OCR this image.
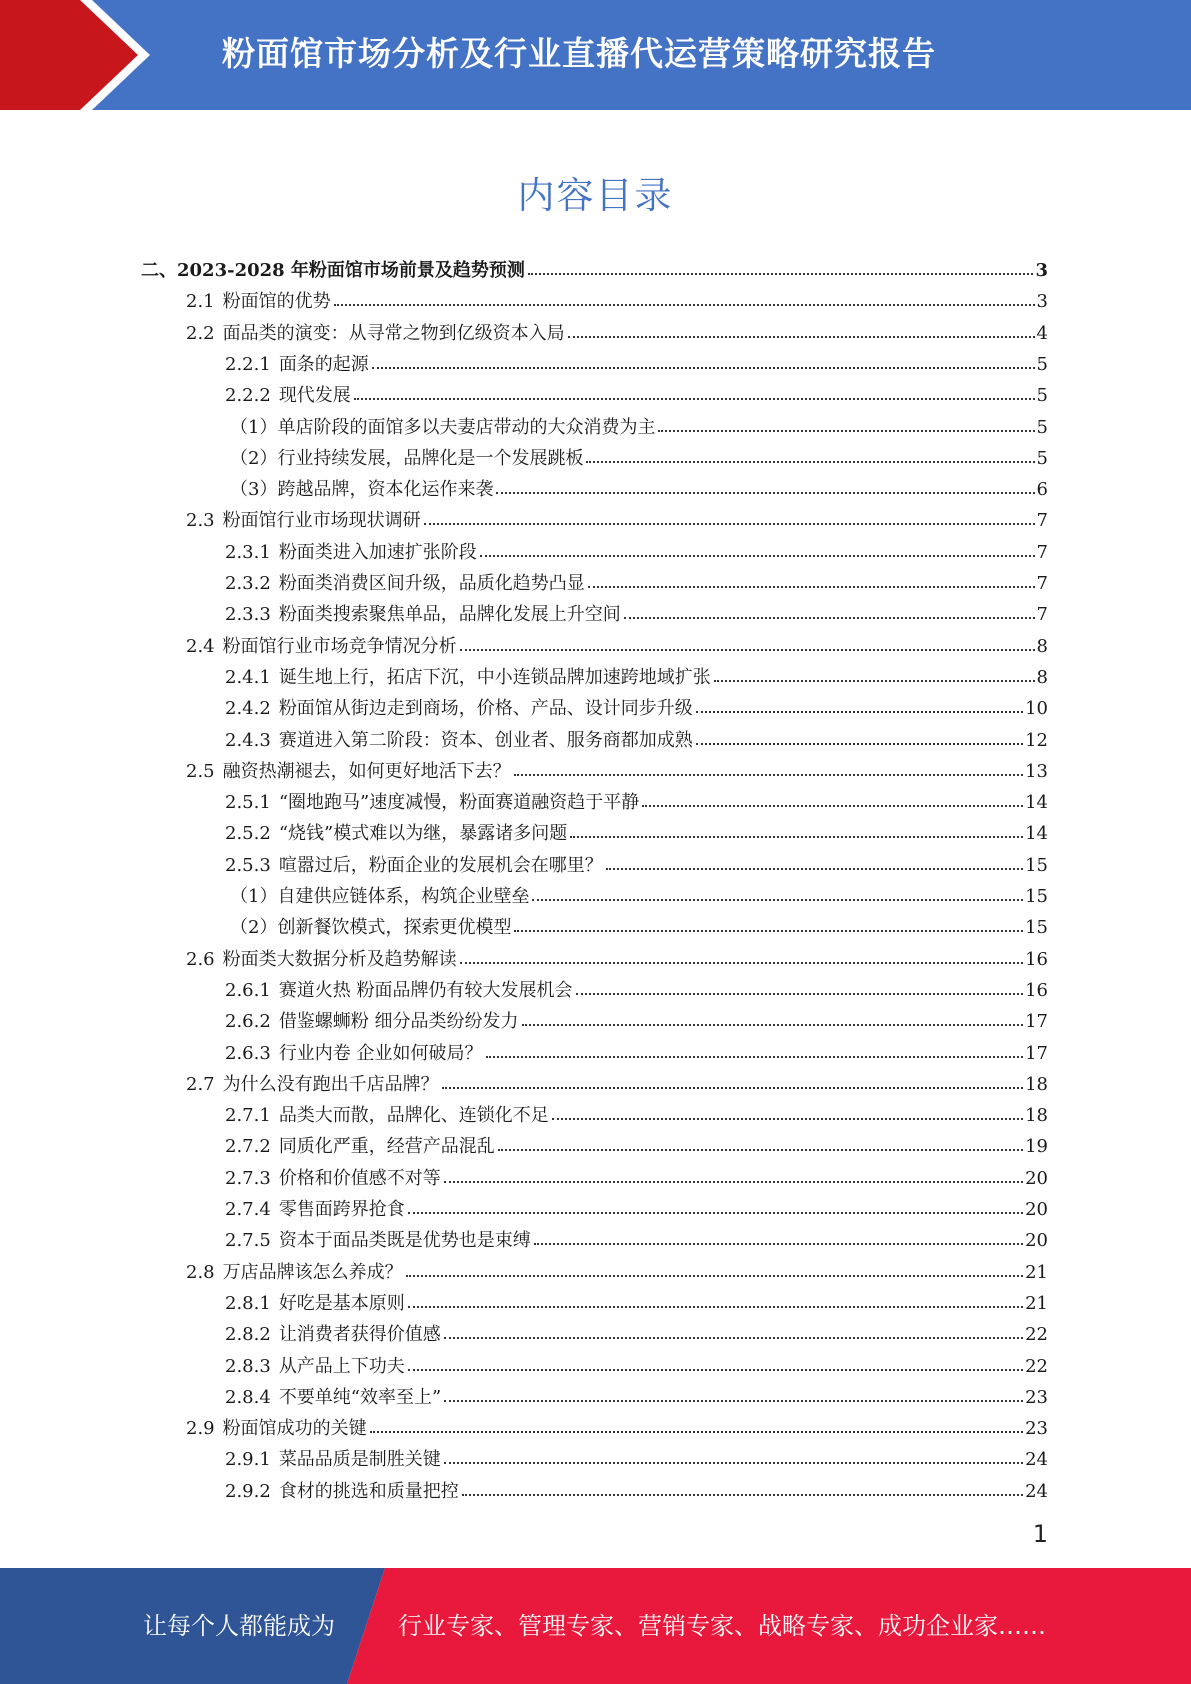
粉面馆市场分析及行业直播代运营策略研究报告
内容目录
二、2023-2028 年粉面馆市场前景及趋势预测	3
2.1 粉面馆的优势	3
2.2 面品类的演变：从寻常之物到亿级资本入局	4
2.2.1 面条的起源	5
2.2.2 现代发展	5
（1）单店阶段的面馆多以夫妻店带动的大众消费为主	5
（2）行业持续发展，品牌化是一个发展跳板	5
（3）跨越品牌，资本化运作来袭	6
2.3 粉面馆行业市场现状调研	7
2.3.1 粉面类进入加速扩张阶段	7
2.3.2 粉面类消费区间升级，品质化趋势凸显	7
2.3.3 粉面类搜索聚焦单品，品牌化发展上升空间	7
2.4 粉面馆行业市场竞争情况分析	8
2.4.1 诞生地上行，拓店下沉，中小连锁品牌加速跨地域扩张	8
2.4.2 粉面馆从街边走到商场，价格、产品、设计同步升级	10
2.4.3 赛道进入第二阶段：资本、创业者、服务商都加成熟	12
2.5 融资热潮褪去，如何更好地活下去？	13
2.5.1 “圈地跑马”速度减慢，粉面赛道融资趋于平静	14
2.5.2 “烧钱”模式难以为继，暴露诸多问题	14
2.5.3 喧嚣过后，粉面企业的发展机会在哪里？	15
（1）自建供应链体系，构筑企业壁垒	15
（2）创新餐饮模式，探索更优模型	15
2.6 粉面类大数据分析及趋势解读	16
2.6.1 赛道火热 粉面品牌仍有较大发展机会	16
2.6.2 借鉴螺蛳粉 细分品类纷纷发力	17
2.6.3 行业内卷 企业如何破局？	17
2.7 为什么没有跑出千店品牌？	18
2.7.1 品类大而散，品牌化、连锁化不足	18
2.7.2 同质化严重，经营产品混乱	19
2.7.3 价格和价值感不对等	20
2.7.4 零售面跨界抢食	20
2.7.5 资本于面品类既是优势也是束缚	20
2.8 万店品牌该怎么养成？	21
2.8.1 好吃是基本原则	21
2.8.2 让消费者获得价值感	22
2.8.3 从产品上下功夫	22
2.8.4 不要单纯“效率至上”	23
2.9 粉面馆成功的关键	23
2.9.1 菜品品质是制胜关键	24
2.9.2 食材的挑选和质量把控	24
1
让每个人都能成为	行业专家、管理专家、营销专家、战略专家、成功企业家……
